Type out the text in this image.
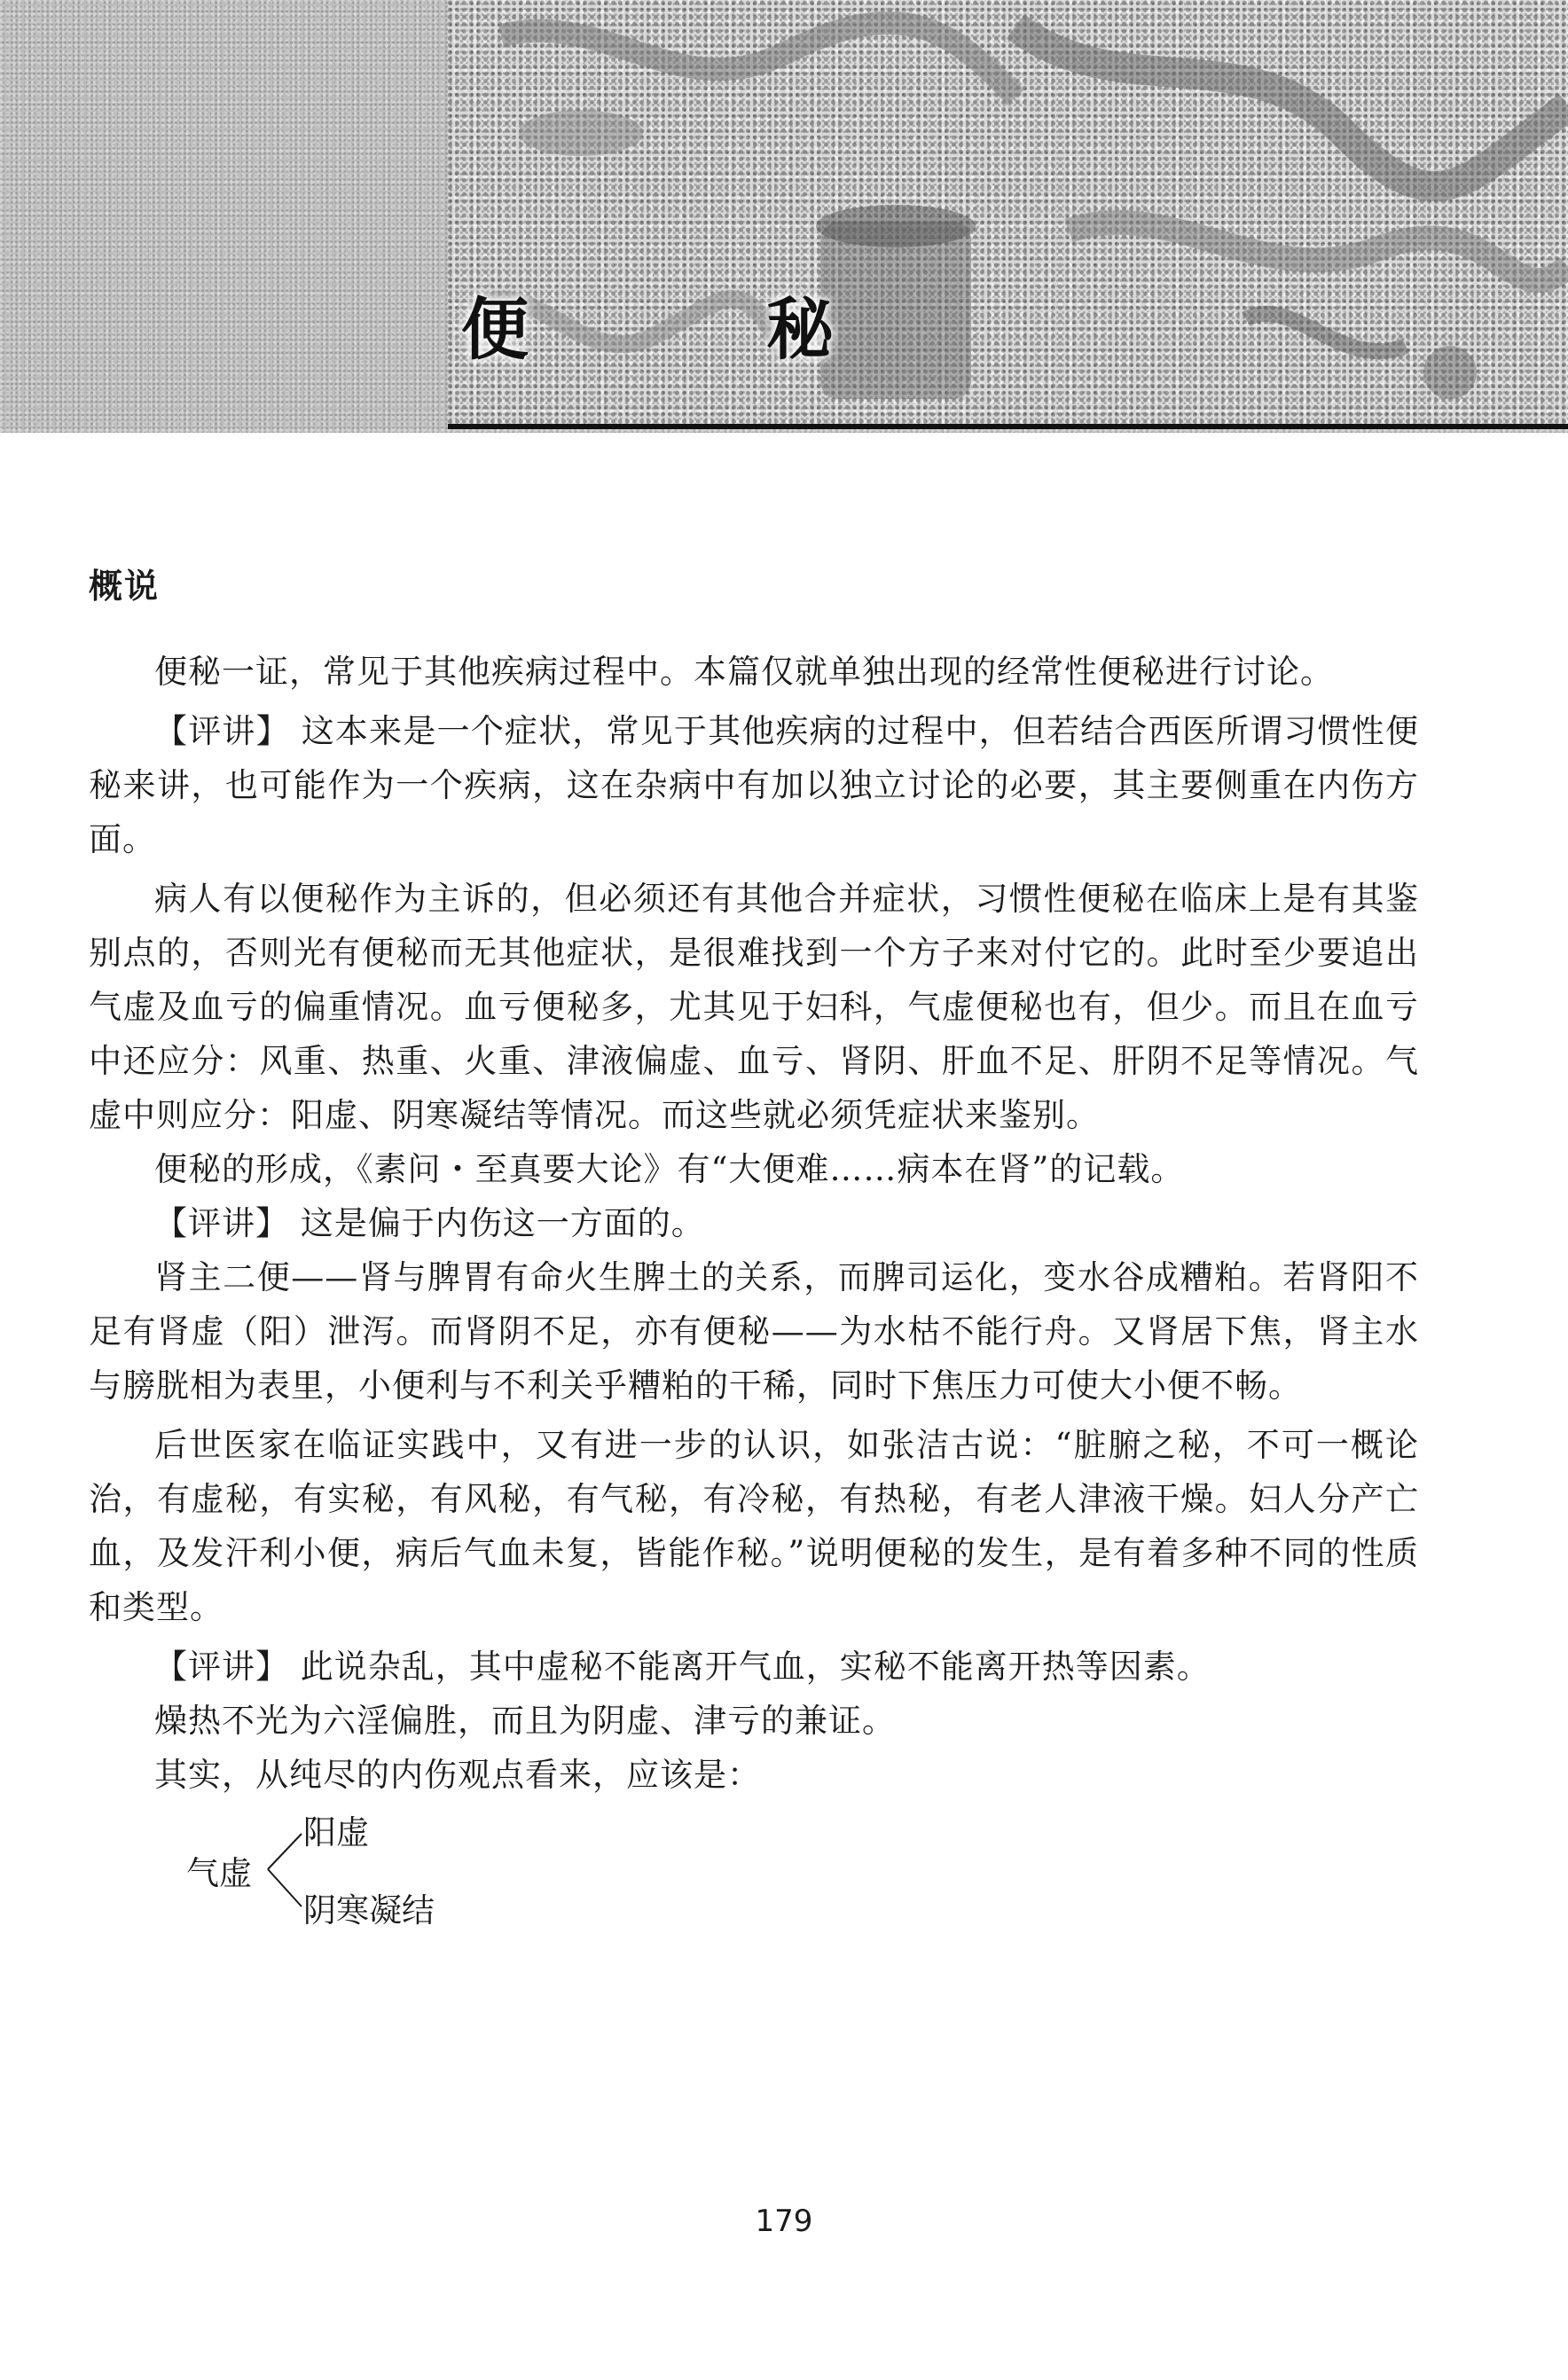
便	秘
概说

便秘一证，常见于其他疾病过程中。本篇仅就单独出现的经常性便秘进行讨论。

【评讲】 这本来是一个症状，常见于其他疾病的过程中，但若结合西医所谓习惯性便秘来讲，也可能作为一个疾病，这在杂病中有加以独立讨论的必要，其主要侧重在内伤方面。

病人有以便秘作为主诉的，但必须还有其他合并症状，习惯性便秘在临床上是有其鉴别点的，否则光有便秘而无其他症状，是很难找到一个方子来对付它的。此时至少要追出气虚及血亏的偏重情况。血亏便秘多，尤其见于妇科，气虚便秘也有，但少。而且在血亏中还应分：风重、热重、火重、津液偏虚、血亏、肾阴、肝血不足、肝阴不足等情况。气虚中则应分：阳虚、阴寒凝结等情况。而这些就必须凭症状来鉴别。

便秘的形成，《素问・至真要大论》有“大便难……病本在肾”的记载。

【评讲】 这是偏于内伤这一方面的。

肾主二便——肾与脾胃有命火生脾土的关系，而脾司运化，变水谷成糟粕。若肾阳不足有肾虚（阳）泄泻。而肾阴不足，亦有便秘——为水枯不能行舟。又肾居下焦，肾主水与膀胱相为表里，小便利与不利关乎糟粕的干稀，同时下焦压力可使大小便不畅。

后世医家在临证实践中，又有进一步的认识，如张洁古说：“脏腑之秘，不可一概论治，有虚秘，有实秘，有风秘，有气秘，有冷秘，有热秘，有老人津液干燥。妇人分产亡血，及发汗利小便，病后气血未复，皆能作秘。”说明便秘的发生，是有着多种不同的性质和类型。

【评讲】 此说杂乱，其中虚秘不能离开气血，实秘不能离开热等因素。

燥热不光为六淫偏胜，而且为阴虚、津亏的兼证。

其实，从纯尽的内伤观点看来，应该是：

气虚
阳虚
阴寒凝结
179
